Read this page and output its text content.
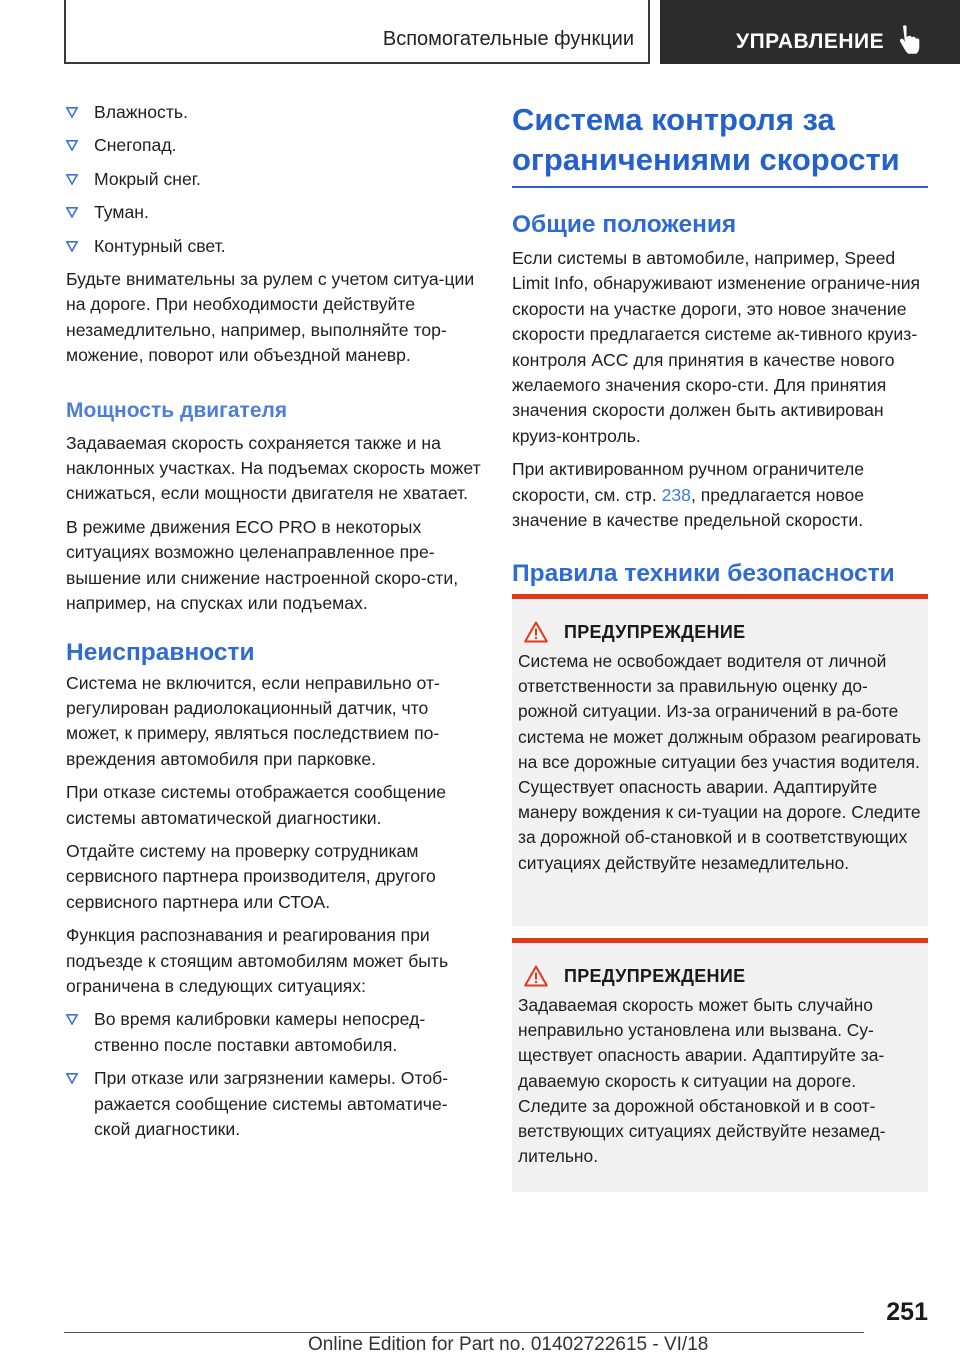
Вспомогательные функции	УПРАВЛЕНИЕ
Влажность.
Снегопад.
Мокрый снег.
Туман.
Контурный свет.

Будьте внимательны за рулем с учетом ситуа-ции на дороге. При необходимости действуйте незамедлительно, например, выполняйте тор-можение, поворот или объездной маневр.

Мощность двигателя

Задаваемая скорость сохраняется также и на наклонных участках. На подъемах скорость может снижаться, если мощности двигателя не хватает.

В режиме движения ECO PRO в некоторых ситуациях возможно целенаправленное пре-вышение или снижение настроенной скоро-сти, например, на спусках или подъемах.

Неисправности

Система не включится, если неправильно от-регулирован радиолокационный датчик, что может, к примеру, являться последствием по-вреждения автомобиля при парковке.

При отказе системы отображается сообщение системы автоматической диагностики.

Отдайте систему на проверку сотрудникам сервисного партнера производителя, другого сервисного партнера или СТОА.

Функция распознавания и реагирования при подъезде к стоящим автомобилям может быть ограничена в следующих ситуациях:

Во время калибровки камеры непосред-ственно после поставки автомобиля.
При отказе или загрязнении камеры. Отоб-ражается сообщение системы автоматиче-ской диагностики.
Система контроля за ограничениями скорости
Общие положения

Если системы в автомобиле, например, Speed Limit Info, обнаруживают изменение ограниче-ния скорости на участке дороги, это новое значение скорости предлагается системе ак-тивного круиз-контроля ACC для принятия в качестве нового желаемого значения скоро-сти. Для принятия значения скорости должен быть активирован круиз-контроль.

При активированном ручном ограничителе скорости, см. стр. 238, предлагается новое значение в качестве предельной скорости.

Правила техники безопасности
ПРЕДУПРЕЖДЕНИЕ

Система не освобождает водителя от личной ответственности за правильную оценку до-рожной ситуации. Из-за ограничений в ра-боте система не может должным образом реагировать на все дорожные ситуации без участия водителя. Существует опасность аварии. Адаптируйте манеру вождения к си-туации на дороге. Следите за дорожной об-становкой и в соответствующих ситуациях действуйте незамедлительно.

ПРЕДУПРЕЖДЕНИЕ

Задаваемая скорость может быть случайно неправильно установлена или вызвана. Су-ществует опасность аварии. Адаптируйте за-даваемую скорость к ситуации на дороге. Следите за дорожной обстановкой и в соот-ветствующих ситуациях действуйте незамед-лительно.

251
Online Edition for Part no. 01402722615 - VI/18
